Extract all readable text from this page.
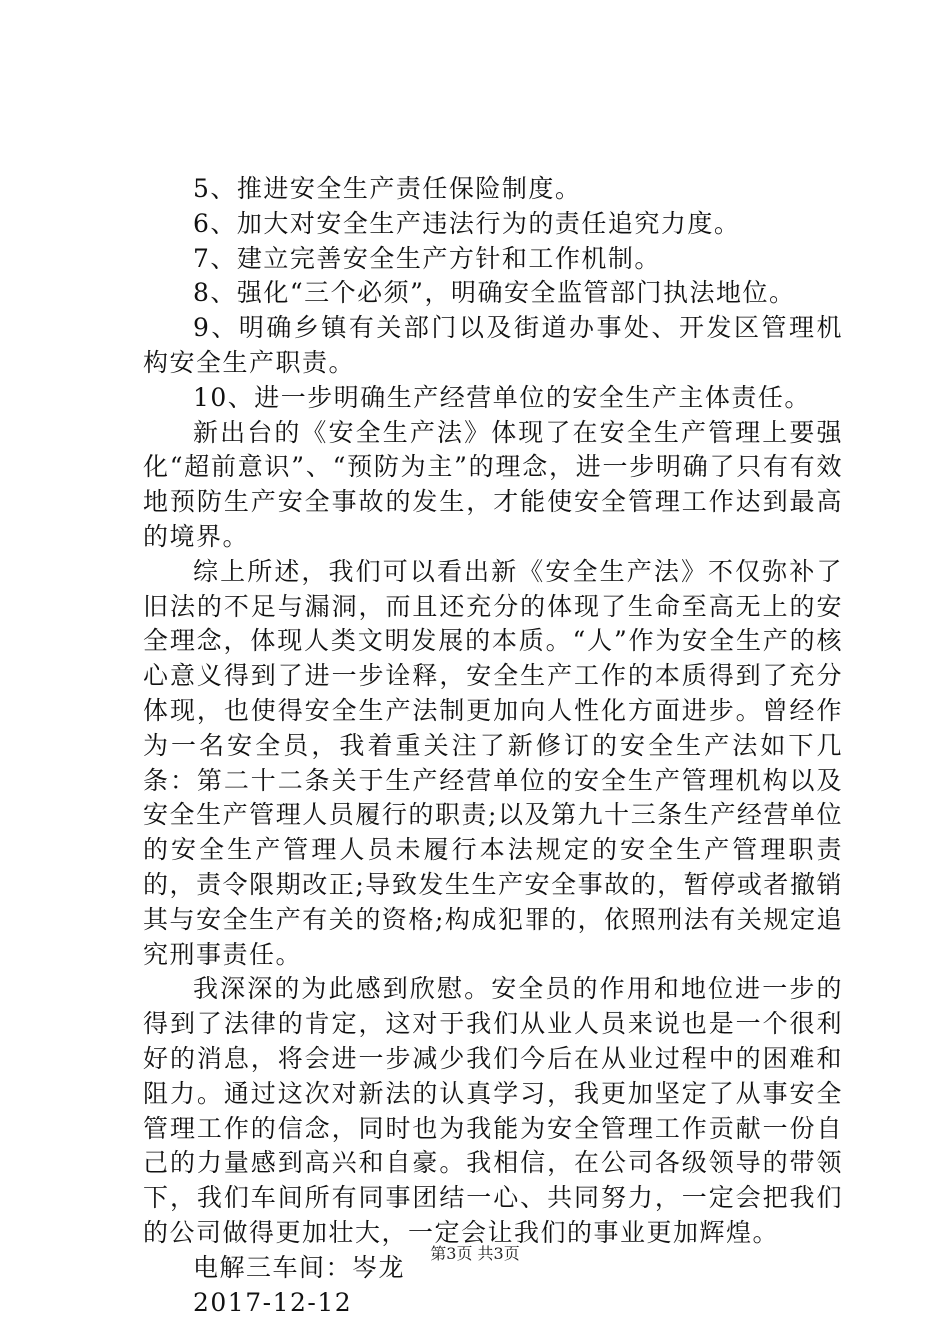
5、推进安全生产责任保险制度。

6、加大对安全生产违法行为的责任追究力度。

7、建立完善安全生产方针和工作机制。

8、强化“三个必须”，明确安全监管部门执法地位。

9、明确乡镇有关部门以及街道办事处、开发区管理机构安全生产职责。

10、进一步明确生产经营单位的安全生产主体责任。

新出台的《安全生产法》体现了在安全生产管理上要强化“超前意识”、“预防为主”的理念，进一步明确了只有有效地预防生产安全事故的发生，才能使安全管理工作达到最高的境界。

综上所述，我们可以看出新《安全生产法》不仅弥补了旧法的不足与漏洞，而且还充分的体现了生命至高无上的安全理念，体现人类文明发展的本质。“人”作为安全生产的核心意义得到了进一步诠释，安全生产工作的本质得到了充分体现，也使得安全生产法制更加向人性化方面进步。曾经作为一名安全员，我着重关注了新修订的安全生产法如下几条：第二十二条关于生产经营单位的安全生产管理机构以及安全生产管理人员履行的职责;以及第九十三条生产经营单位的安全生产管理人员未履行本法规定的安全生产管理职责的，责令限期改正;导致发生生产安全事故的，暂停或者撤销其与安全生产有关的资格;构成犯罪的，依照刑法有关规定追究刑事责任。

我深深的为此感到欣慰。安全员的作用和地位进一步的得到了法律的肯定，这对于我们从业人员来说也是一个很利好的消息，将会进一步减少我们今后在从业过程中的困难和阻力。通过这次对新法的认真学习，我更加坚定了从事安全管理工作的信念，同时也为我能为安全管理工作贡献一份自己的力量感到高兴和自豪。我相信，在公司各级领导的带领下，我们车间所有同事团结一心、共同努力，一定会把我们的公司做得更加壮大，一定会让我们的事业更加辉煌。

电解三车间：岑龙

2017-12-12

第3页 共3页
